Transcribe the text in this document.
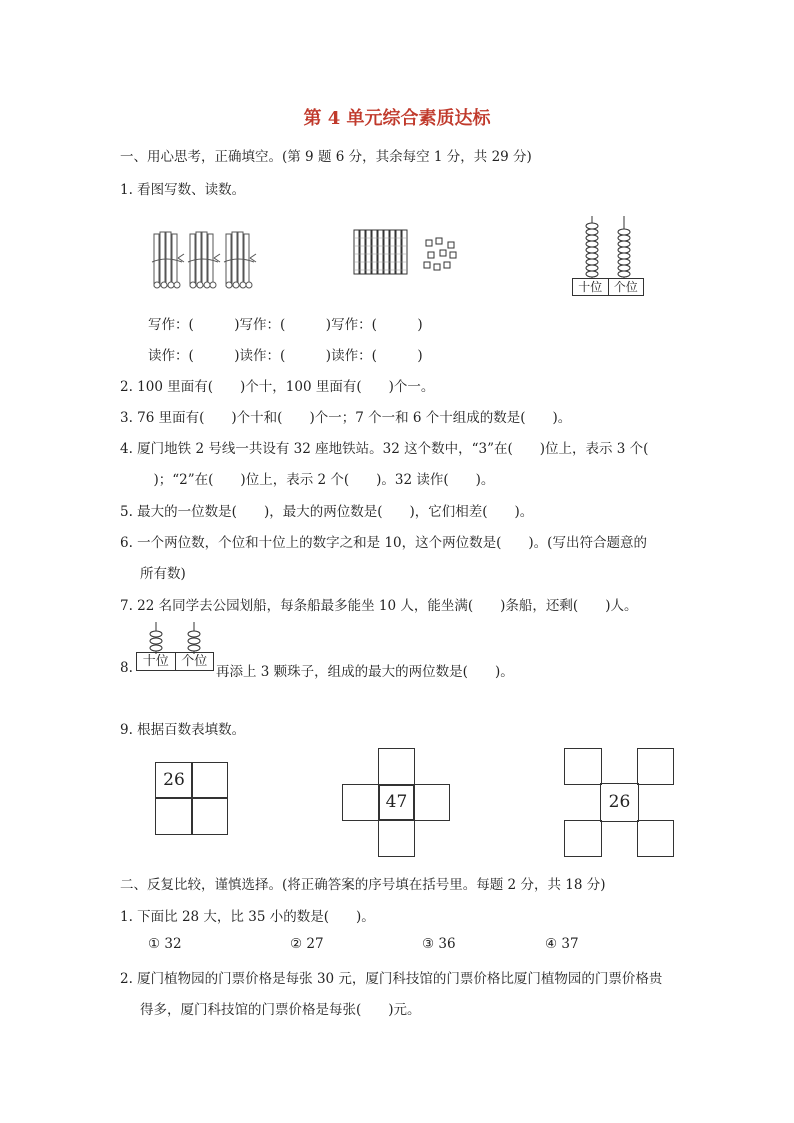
第 4 单元综合素质达标
一、用心思考，正确填空。(第 9 题 6 分，其余每空 1 分，共 29 分)
1. 看图写数、读数。
十位 个位
写作：(　　　)写作：(　　　)写作：(　　　)
读作：(　　　)读作：(　　　)读作：(　　　)
2. 100 里面有(　　)个十，100 里面有(　　)个一。
3. 76 里面有(　　)个十和(　　)个一；7 个一和 6 个十组成的数是(　　)。
4. 厦门地铁 2 号线一共设有 32 座地铁站。32 这个数中，“3”在(　　)位上，表示 3 个(
　)；“2”在(　　)位上，表示 2 个(　　)。32 读作(　　)。
5. 最大的一位数是(　　)，最大的两位数是(　　)，它们相差(　　)。
6. 一个两位数，个位和十位上的数字之和是 10，这个两位数是(　　)。(写出符合题意的
所有数)
7. 22 名同学去公园划船，每条船最多能坐 10 人，能坐满(　　)条船，还剩(　　)人。
8. 十位 个位
再添上 3 颗珠子，组成的最大的两位数是(　　)。
9. 根据百数表填数。
26
47	26
二、反复比较，谨慎选择。(将正确答案的序号填在括号里。每题 2 分，共 18 分)
1. 下面比 28 大，比 35 小的数是(　　)。
① 32	② 27	③ 36	④ 37
2. 厦门植物园的门票价格是每张 30 元，厦门科技馆的门票价格比厦门植物园的门票价格贵
得多，厦门科技馆的门票价格是每张(　　)元。
